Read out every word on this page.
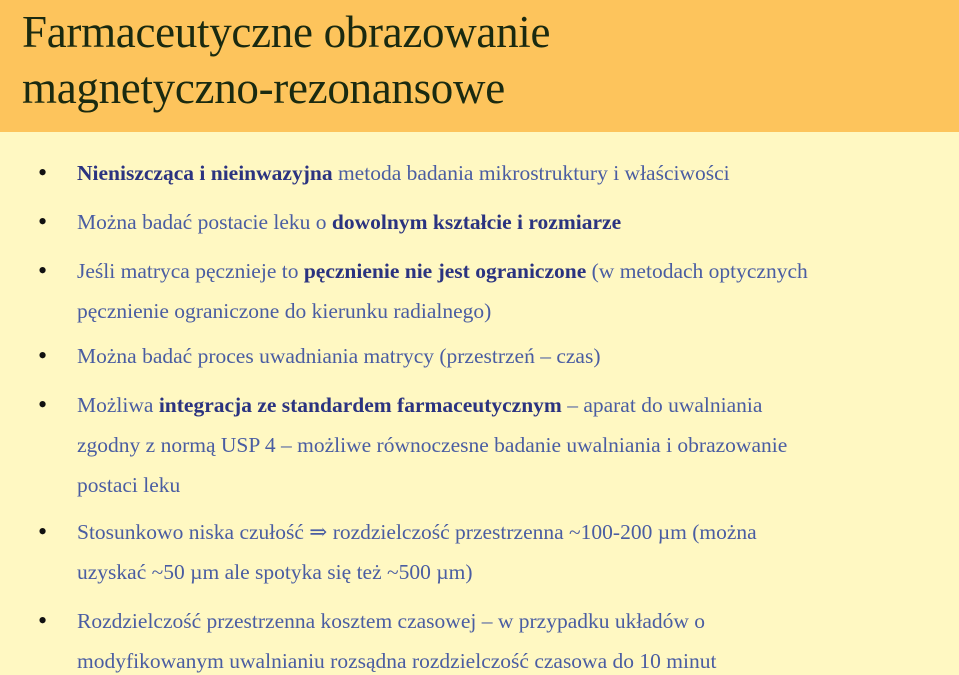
Farmaceutyczne obrazowanie
magnetyczno-rezonansowe
• Nieniszcząca i nieinwazyjna metoda badania mikrostruktury i właściwości
• Można badać postacie leku o dowolnym kształcie i rozmiarze
• Jeśli matryca pęcznieje to pęcznienie nie jest ograniczone (w metodach optycznych
pęcznienie ograniczone do kierunku radialnego)
• Można badać proces uwadniania matrycy (przestrzeń – czas)
• Możliwa integracja ze standardem farmaceutycznym – aparat do uwalniania
zgodny z normą USP 4 – możliwe równoczesne badanie uwalniania i obrazowanie
postaci leku
• Stosunkowo niska czułość ⇒ rozdzielczość przestrzenna ~100-200 µm (można
uzyskać ~50 µm ale spotyka się też ~500 µm)
• Rozdzielczość przestrzenna kosztem czasowej – w przypadku układów o
modyfikowanym uwalnianiu rozsądna rozdzielczość czasowa do 10 minut
